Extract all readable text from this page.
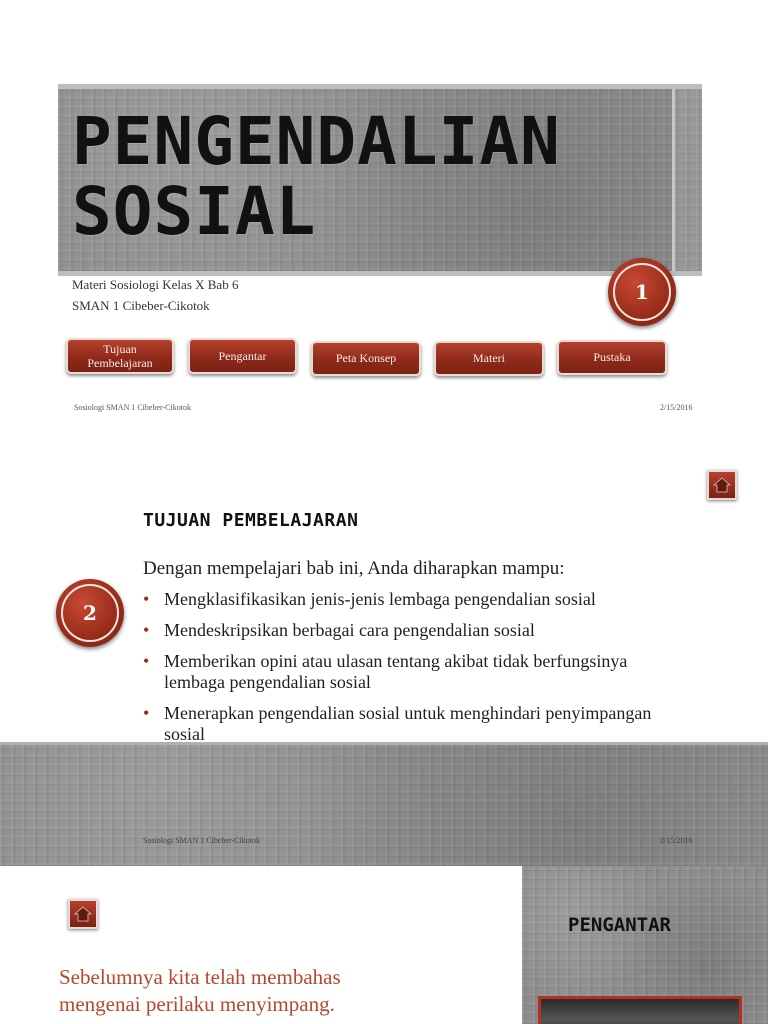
PENGENDALIAN
SOSIAL
Materi Sosiologi Kelas X Bab 6
SMAN 1 Cibeber-Cikotok
1
Tujuan
Pembelajaran
Pengantar	Peta Konsep	Materi	Pustaka
Sosiologi SMAN 1 Cibeber-Cikotok	2/15/2016
TUJUAN PEMBELAJARAN
2
Dengan mempelajari bab ini, Anda diharapkan mampu:
• Mengklasifikasikan jenis-jenis lembaga pengendalian sosial
• Mendeskripsikan berbagai cara pengendalian sosial
• Memberikan opini atau ulasan tentang akibat tidak berfungsinya lembaga pengendalian sosial
• Menerapkan pengendalian sosial untuk menghindari penyimpangan sosial
Sosiologi SMAN 1 Cibeber-Cikotok	2/15/2016
Sebelumnya kita telah membahas
mengenai perilaku menyimpang.
PENGANTAR
